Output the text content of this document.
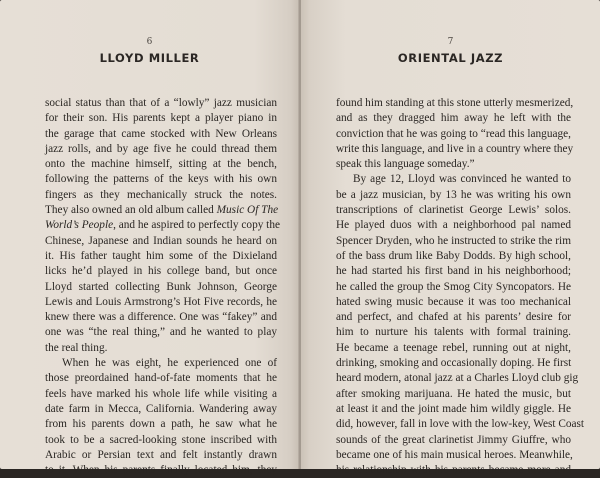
6
LLOYD MILLER
social status than that of a “lowly” jazz musician
for their son. His parents kept a player piano in
the garage that came stocked with New Orleans
jazz rolls, and by age five he could thread them
onto the machine himself, sitting at the bench,
following the patterns of the keys with his own
fingers as they mechanically struck the notes.
They also owned an old album called Music Of The
World’s People, and he aspired to perfectly copy the
Chinese, Japanese and Indian sounds he heard on
it. His father taught him some of the Dixieland
licks he’d played in his college band, but once
Lloyd started collecting Bunk Johnson, George
Lewis and Louis Armstrong’s Hot Five records, he
knew there was a difference. One was “fakey” and
one was “the real thing,” and he wanted to play
the real thing.
When he was eight, he experienced one of
those preordained hand-of-fate moments that he
feels have marked his whole life while visiting a
date farm in Mecca, California. Wandering away
from his parents down a path, he saw what he
took to be a sacred-looking stone inscribed with
Arabic or Persian text and felt instantly drawn
to it. When his parents finally located him, they
7
ORIENTAL JAZZ
found him standing at this stone utterly mesmerized,
and as they dragged him away he left with the
conviction that he was going to “read this language,
write this language, and live in a country where they
speak this language someday.”
By age 12, Lloyd was convinced he wanted to
be a jazz musician, by 13 he was writing his own
transcriptions of clarinetist George Lewis’ solos.
He played duos with a neighborhood pal named
Spencer Dryden, who he instructed to strike the rim
of the bass drum like Baby Dodds. By high school,
he had started his first band in his neighborhood;
he called the group the Smog City Syncopators. He
hated swing music because it was too mechanical
and perfect, and chafed at his parents’ desire for
him to nurture his talents with formal training.
He became a teenage rebel, running out at night,
drinking, smoking and occasionally doping. He first
heard modern, atonal jazz at a Charles Lloyd club gig
after smoking marijuana. He hated the music, but
at least it and the joint made him wildly giggle. He
did, however, fall in love with the low-key, West Coast
sounds of the great clarinetist Jimmy Giuffre, who
became one of his main musical heroes. Meanwhile,
his relationship with his parents became more and
